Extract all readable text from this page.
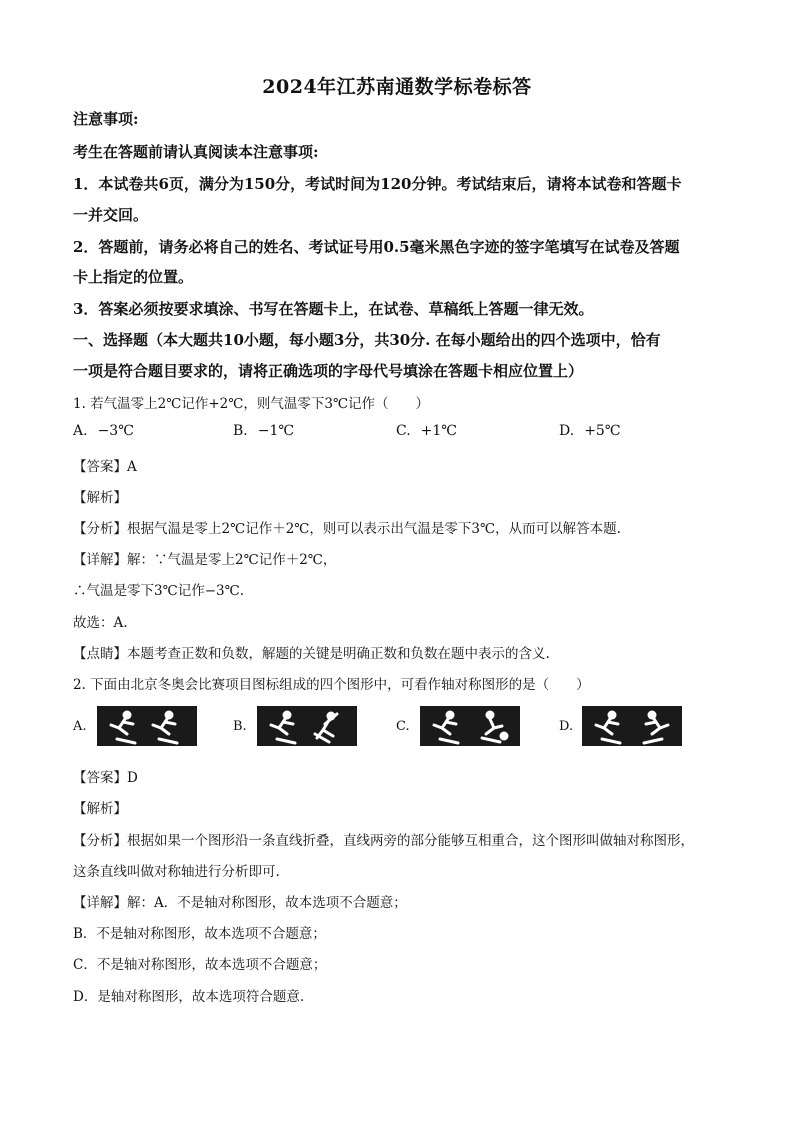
2024年江苏南通数学标卷标答
注意事项:
考生在答题前请认真阅读本注意事项:
1．本试卷共6页，满分为150分，考试时间为120分钟。考试结束后，请将本试卷和答题卡
一并交回。
2．答题前，请务必将自己的姓名、考试证号用0.5毫米黑色字迹的签字笔填写在试卷及答题
卡上指定的位置。
3．答案必须按要求填涂、书写在答题卡上，在试卷、草稿纸上答题一律无效。
一、选择题（本大题共10小题，每小题3分，共30分. 在每小题给出的四个选项中，恰有
一项是符合题目要求的，请将正确选项的字母代号填涂在答题卡相应位置上）
1. 若气温零上2℃记作+2℃，则气温零下3℃记作（　　）
A. −3℃	B. −1℃	C. +1℃	D. +5℃
【答案】A
【解析】
【分析】根据气温是零上2℃记作＋2℃，则可以表示出气温是零下3℃，从而可以解答本题.
【详解】解：∵气温是零上2℃记作＋2℃，
∴气温是零下3℃记作−3℃.
故选：A.
【点睛】本题考查正数和负数，解题的关键是明确正数和负数在题中表示的含义.
2. 下面由北京冬奥会比赛项目图标组成的四个图形中，可看作轴对称图形的是（　　）
A.	B.	C.	D.
【答案】D
【解析】
【分析】根据如果一个图形沿一条直线折叠，直线两旁的部分能够互相重合，这个图形叫做轴对称图形，
这条直线叫做对称轴进行分析即可.
【详解】解：A．不是轴对称图形，故本选项不合题意；
B．不是轴对称图形，故本选项不合题意；
C．不是轴对称图形，故本选项不合题意；
D．是轴对称图形，故本选项符合题意.
